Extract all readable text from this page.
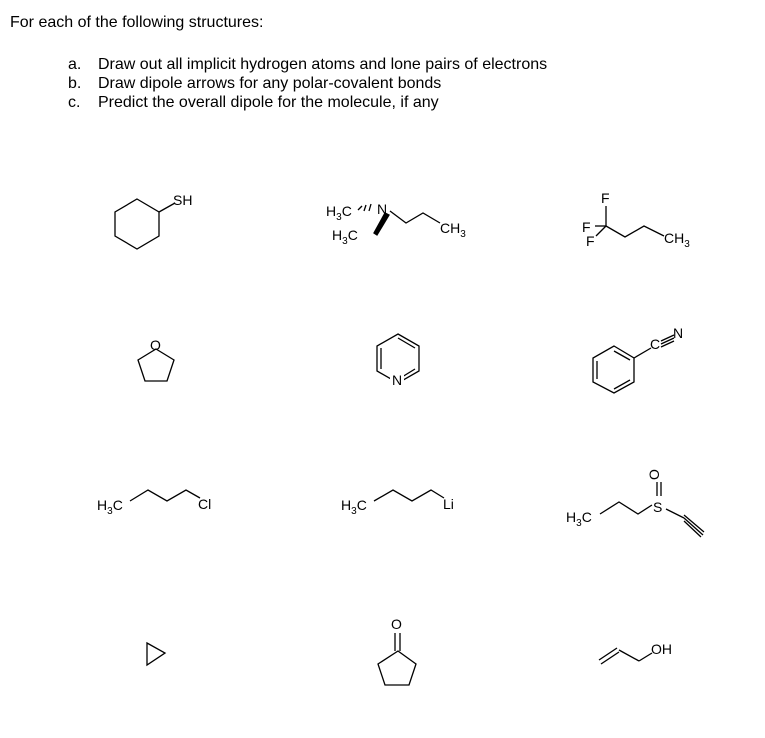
For each of the following structures:
a. Draw out all implicit hydrogen atoms and lone pairs of electrons
b. Draw dipole arrows for any polar-covalent bonds
c. Predict the overall dipole for the molecule, if any
SH
$H_3C$
$H_3C$
N
$CH_3$
F
F
F	$CH_3$
O
N
C
N
$H_3C$	Cl	$H_3C$	Li
$H_3C$
S
O
O
OH
